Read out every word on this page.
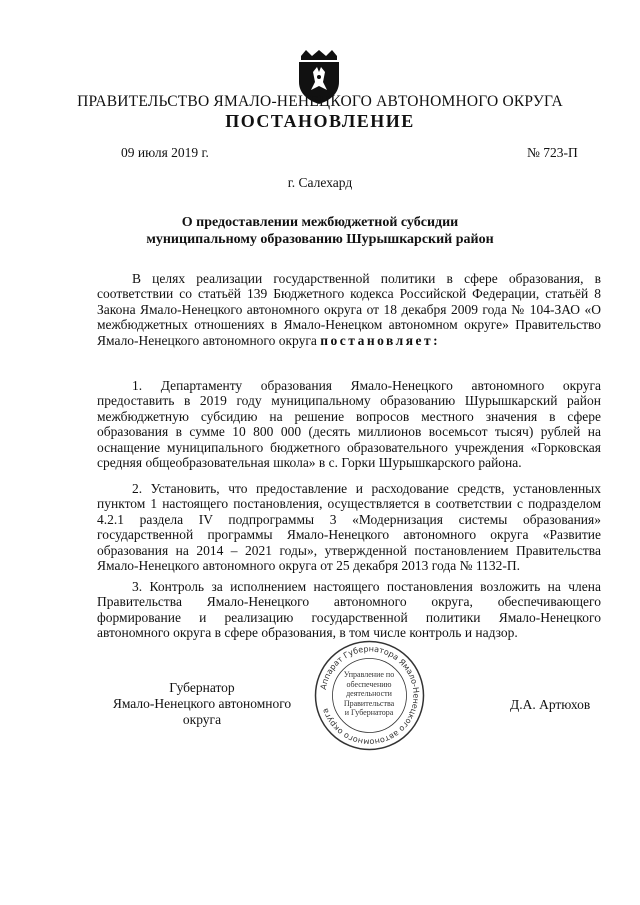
ПРАВИТЕЛЬСТВО ЯМАЛО-НЕНЕЦКОГО АВТОНОМНОГО ОКРУГА
ПОСТАНОВЛЕНИЕ
09 июля 2019 г.	№ 723-П
г. Салехард
О предоставлении межбюджетной субсидии
муниципальному образованию Шурышкарский район

В целях реализации государственной политики в сфере образования, в соответствии со статьёй 139 Бюджетного кодекса Российской Федерации, статьёй 8 Закона Ямало-Ненецкого автономного округа от 18 декабря 2009 года № 104-ЗАО «О межбюджетных отношениях в Ямало-Ненецком автономном округе» Правительство Ямало-Ненецкого автономного округа постановляет:

1. Департаменту образования Ямало-Ненецкого автономного округа предоставить в 2019 году муниципальному образованию Шурышкарский район межбюджетную субсидию на решение вопросов местного значения в сфере образования в сумме 10 800 000 (десять миллионов восемьсот тысяч) рублей на оснащение муниципального бюджетного образовательного учреждения «Горковская средняя общеобразовательная школа» в с. Горки Шурышкарского района.

2. Установить, что предоставление и расходование средств, установленных пунктом 1 настоящего постановления, осуществляется в соответствии с подразделом 4.2.1 раздела IV подпрограммы 3 «Модернизация системы образования» государственной программы Ямало-Ненецкого автономного округа «Развитие образования на 2014 – 2021 годы», утвержденной постановлением Правительства Ямало-Ненецкого автономного округа от 25 декабря 2013 года № 1132-П.

3. Контроль за исполнением настоящего постановления возложить на члена Правительства Ямало-Ненецкого автономного округа, обеспечивающего формирование и реализацию государственной политики Ямало-Ненецкого автономного округа в сфере образования, в том числе контроль и надзор.

Губернатор
Ямало-Ненецкого автономного округа
Аппарат Губернатора Ямало-Ненецкого автономного округа
Управление по
обеспечению
деятельности
Правительства
и Губернатора
Д.А. Артюхов
